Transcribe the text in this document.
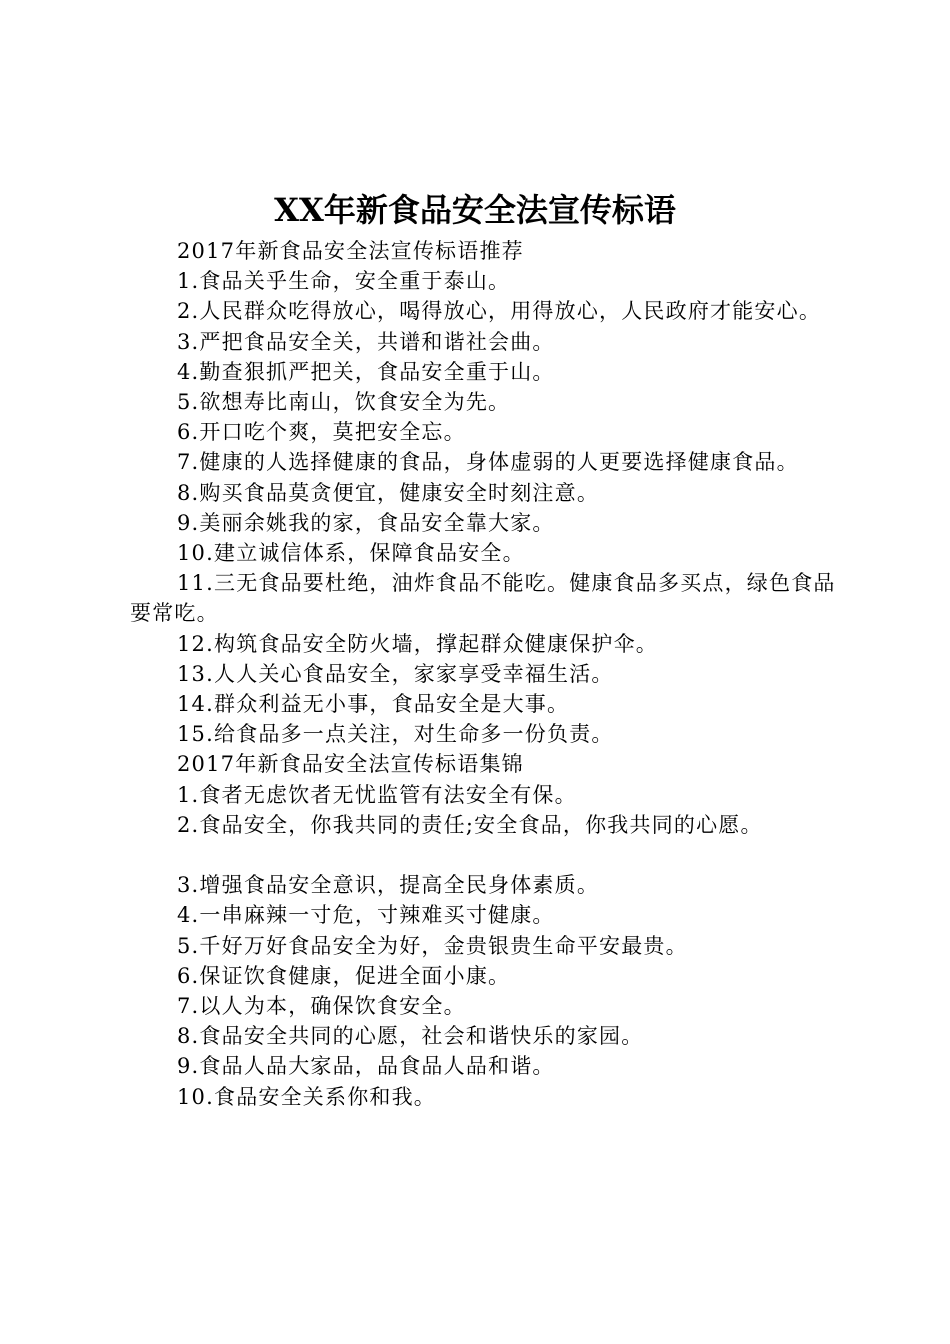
XX年新食品安全法宣传标语

2017年新食品安全法宣传标语推荐

1.食品关乎生命，安全重于泰山。

2.人民群众吃得放心，喝得放心，用得放心，人民政府才能安心。

3.严把食品安全关，共谱和谐社会曲。

4.勤查狠抓严把关，食品安全重于山。

5.欲想寿比南山，饮食安全为先。

6.开口吃个爽，莫把安全忘。

7.健康的人选择健康的食品，身体虚弱的人更要选择健康食品。

8.购买食品莫贪便宜，健康安全时刻注意。

9.美丽余姚我的家，食品安全靠大家。

10.建立诚信体系，保障食品安全。

11.三无食品要杜绝，油炸食品不能吃。健康食品多买点，绿色食品要常吃。

12.构筑食品安全防火墙，撑起群众健康保护伞。

13.人人关心食品安全，家家享受幸福生活。

14.群众利益无小事，食品安全是大事。

15.给食品多一点关注，对生命多一份负责。

2017年新食品安全法宣传标语集锦

1.食者无虑饮者无忧监管有法安全有保。

2.食品安全，你我共同的责任;安全食品，你我共同的心愿。

3.增强食品安全意识，提高全民身体素质。

4.一串麻辣一寸危，寸辣难买寸健康。

5.千好万好食品安全为好，金贵银贵生命平安最贵。

6.保证饮食健康，促进全面小康。

7.以人为本，确保饮食安全。

8.食品安全共同的心愿，社会和谐快乐的家园。

9.食品人品大家品，品食品人品和谐。

10.食品安全关系你和我。
